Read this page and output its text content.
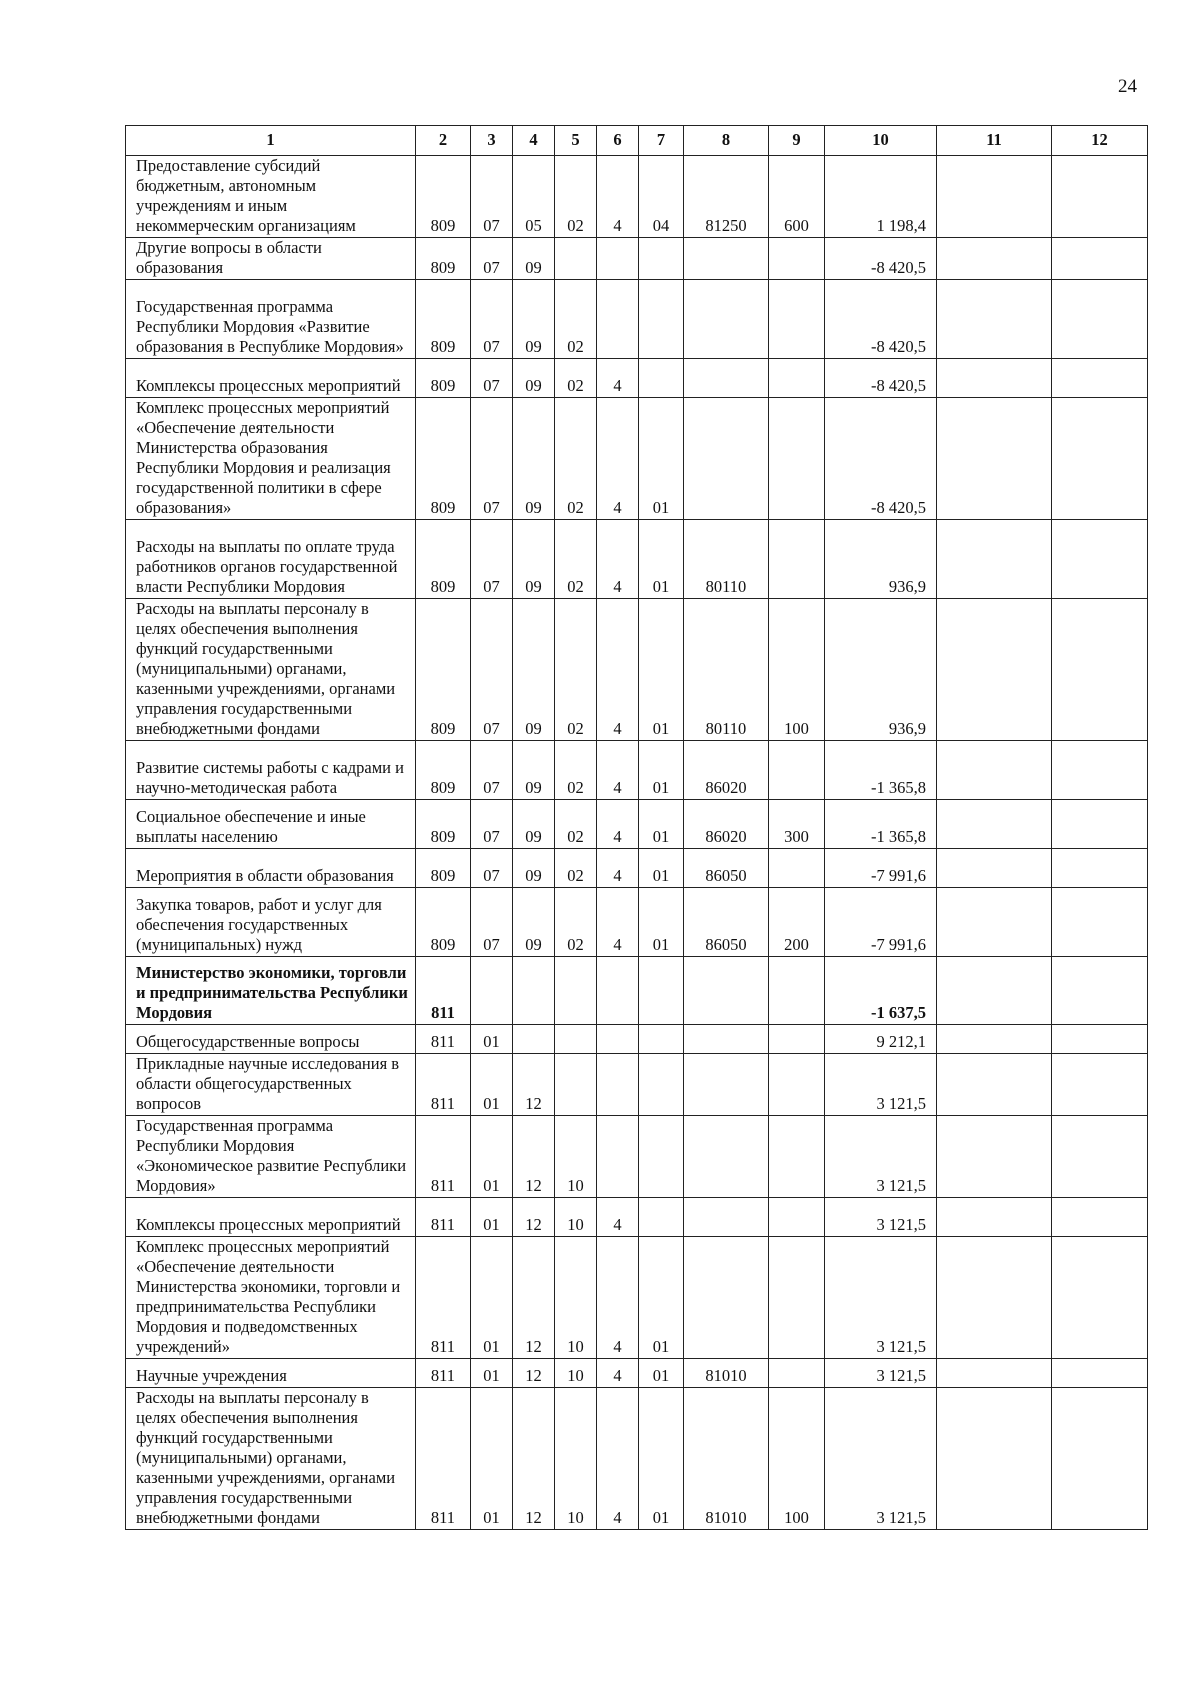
24
1	2	3	4	5	6	7	8	9	10	11	12
Предоставление субсидий бюджетным, автономным учреждениям и иным некоммерческим организациям	809	07	05	02	4	04	81250	600	1 198,4		
Другие вопросы в области образования	809	07	09						-8 420,5		
Государственная программа Республики Мордовия «Развитие образования в Республике Мордовия»	809	07	09	02					-8 420,5		
Комплексы процессных мероприятий	809	07	09	02	4				-8 420,5		
Комплекс процессных мероприятий «Обеспечение деятельности Министерства образования Республики Мордовия и реализация государственной политики в сфере образования»	809	07	09	02	4	01			-8 420,5		
Расходы на выплаты по оплате труда работников органов государственной власти Республики Мордовия	809	07	09	02	4	01	80110		936,9		
Расходы на выплаты персоналу в целях обеспечения выполнения функций государственными (муниципальными) органами, казенными учреждениями, органами управления государственными внебюджетными фондами	809	07	09	02	4	01	80110	100	936,9		
Развитие системы работы с кадрами и научно-методическая работа	809	07	09	02	4	01	86020		-1 365,8		
Социальное обеспечение и иные выплаты населению	809	07	09	02	4	01	86020	300	-1 365,8		
Мероприятия в области образования	809	07	09	02	4	01	86050		-7 991,6		
Закупка товаров, работ и услуг для обеспечения государственных (муниципальных) нужд	809	07	09	02	4	01	86050	200	-7 991,6		
Министерство экономики, торговли и предпринимательства Республики Мордовия	811								-1 637,5		
Общегосударственные вопросы	811	01							9 212,1		
Прикладные научные исследования в области общегосударственных вопросов	811	01	12						3 121,5		
Государственная программа Республики Мордовия «Экономическое развитие Республики Мордовия»	811	01	12	10					3 121,5		
Комплексы процессных мероприятий	811	01	12	10	4				3 121,5		
Комплекс процессных мероприятий «Обеспечение деятельности Министерства экономики, торговли и предпринимательства Республики Мордовия и подведомственных учреждений»	811	01	12	10	4	01			3 121,5		
Научные учреждения	811	01	12	10	4	01	81010		3 121,5		
Расходы на выплаты персоналу в целях обеспечения выполнения функций государственными (муниципальными) органами, казенными учреждениями, органами управления государственными внебюджетными фондами	811	01	12	10	4	01	81010	100	3 121,5		
